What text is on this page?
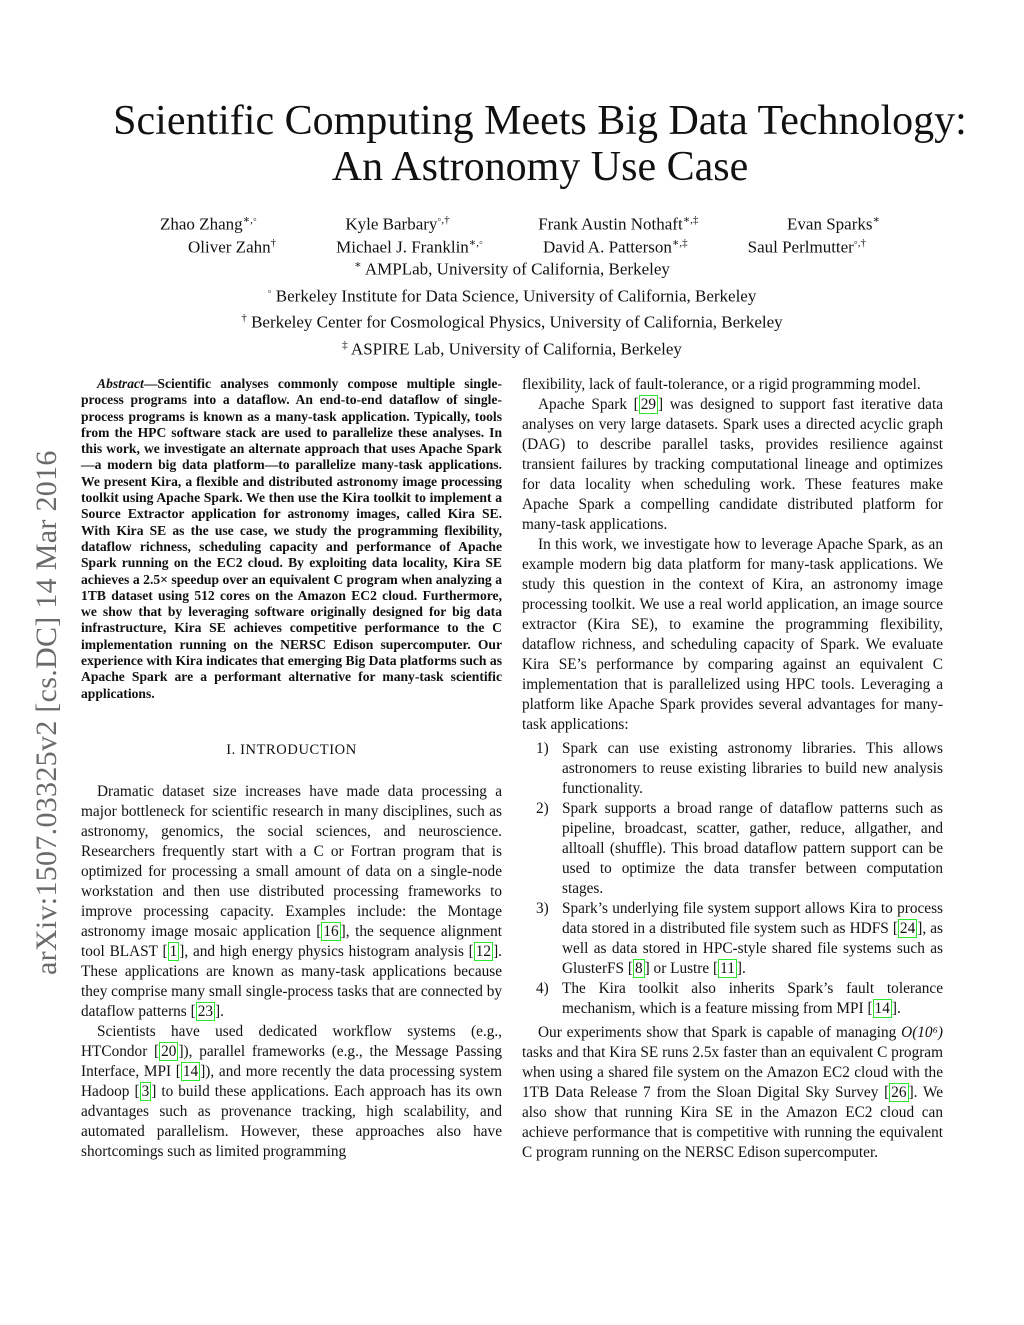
arXiv:1507.03325v2 [cs.DC] 14 Mar 2016
Scientific Computing Meets Big Data Technology:
An Astronomy Use Case
Zhao Zhang∗,◦	Kyle Barbary◦,†	Frank Austin Nothaft∗,‡	Evan Sparks∗
Oliver Zahn†	Michael J. Franklin∗,◦	David A. Patterson∗,‡	Saul Perlmutter◦,†
∗ AMPLab, University of California, Berkeley
◦ Berkeley Institute for Data Science, University of California, Berkeley
† Berkeley Center for Cosmological Physics, University of California, Berkeley
‡ ASPIRE Lab, University of California, Berkeley

Abstract—Scientific analyses commonly compose multiple single-process programs into a dataflow. An end-to-end dataflow of single-process programs is known as a many-task application. Typically, tools from the HPC software stack are used to parallelize these analyses. In this work, we investigate an alternate approach that uses Apache Spark—a modern big data platform—to parallelize many-task applications. We present Kira, a flexible and distributed astronomy image processing toolkit using Apache Spark. We then use the Kira toolkit to implement a Source Extractor application for astronomy images, called Kira SE. With Kira SE as the use case, we study the programming flexibility, dataflow richness, scheduling capacity and performance of Apache Spark running on the EC2 cloud. By exploiting data locality, Kira SE achieves a 2.5× speedup over an equivalent C program when analyzing a 1TB dataset using 512 cores on the Amazon EC2 cloud. Furthermore, we show that by leveraging software originally designed for big data infrastructure, Kira SE achieves competitive performance to the C implementation running on the NERSC Edison supercomputer. Our experience with Kira indicates that emerging Big Data platforms such as Apache Spark are a performant alternative for many-task scientific applications.

I. INTRODUCTION

Dramatic dataset size increases have made data processing a major bottleneck for scientific research in many disciplines, such as astronomy, genomics, the social sciences, and neuroscience. Researchers frequently start with a C or Fortran program that is optimized for processing a small amount of data on a single-node workstation and then use distributed processing frameworks to improve processing capacity. Examples include: the Montage astronomy image mosaic application [ 16 ], the sequence alignment tool BLAST [ 1 ], and high energy physics histogram analysis [ 12 ]. These applications are known as many-task applications because they comprise many small single-process tasks that are connected by dataflow patterns [ 23 ].

Scientists have used dedicated workflow systems (e.g., HTCondor [ 20 ]), parallel frameworks (e.g., the Message Passing Interface, MPI [ 14 ]), and more recently the data processing system Hadoop [ 3 ] to build these applications. Each approach has its own advantages such as provenance tracking, high scalability, and automated parallelism. However, these approaches also have shortcomings such as limited programming

flexibility, lack of fault-tolerance, or a rigid programming model.

Apache Spark [ 29 ] was designed to support fast iterative data analyses on very large datasets. Spark uses a directed acyclic graph (DAG) to describe parallel tasks, provides resilience against transient failures by tracking computational lineage and optimizes for data locality when scheduling work. These features make Apache Spark a compelling candidate distributed platform for many-task applications.

In this work, we investigate how to leverage Apache Spark, as an example modern big data platform for many-task applications. We study this question in the context of Kira, an astronomy image processing toolkit. We use a real world application, an image source extractor (Kira SE), to examine the programming flexibility, dataflow richness, and scheduling capacity of Spark. We evaluate Kira SE’s performance by comparing against an equivalent C implementation that is parallelized using HPC tools. Leveraging a platform like Apache Spark provides several advantages for many-task applications:

1) Spark can use existing astronomy libraries. This allows astronomers to reuse existing libraries to build new analysis functionality.
2) Spark supports a broad range of dataflow patterns such as pipeline, broadcast, scatter, gather, reduce, allgather, and alltoall (shuffle). This broad dataflow pattern support can be used to optimize the data transfer between computation stages.
3) Spark’s underlying file system support allows Kira to process data stored in a distributed file system such as HDFS [ 24 ], as well as data stored in HPC-style shared file systems such as GlusterFS [ 8 ] or Lustre [ 11 ].
4) The Kira toolkit also inherits Spark’s fault tolerance mechanism, which is a feature missing from MPI [ 14 ].

Our experiments show that Spark is capable of managing O(10⁶) tasks and that Kira SE runs 2.5x faster than an equivalent C program when using a shared file system on the Amazon EC2 cloud with the 1TB Data Release 7 from the Sloan Digital Sky Survey [ 26 ]. We also show that running Kira SE in the Amazon EC2 cloud can achieve performance that is competitive with running the equivalent C program running on the NERSC Edison supercomputer.
